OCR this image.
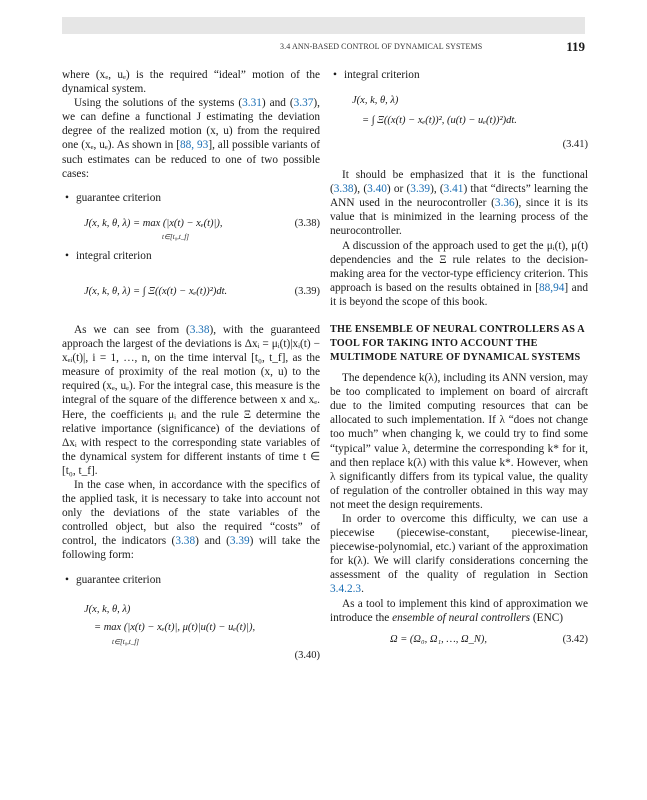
3.4 ANN-BASED CONTROL OF DYNAMICAL SYSTEMS	119

where (xₑ, uₑ) is the required “ideal” motion of the dynamical system.

Using the solutions of the systems (3.31) and (3.37), we can define a functional J estimating the deviation degree of the realized motion (x, u) from the required one (xₑ, uₑ). As shown in [88, 93], all possible variants of such estimates can be reduced to one of two possible cases:

• guarantee criterion
J(x, k, θ, λ) = max (|x(t) − xₑ(t)|),
t∈[t₀,t_f]
(3.38)
• integral criterion
J(x, k, θ, λ) = ∫ Ξ((x(t) − xₑ(t))²)dt.	(3.39)

As we can see from (3.38), with the guaranteed approach the largest of the deviations is Δxᵢ = μᵢ(t)|xᵢ(t) − xₑᵢ(t)|, i = 1, …, n, on the time interval [t₀, t_f], as the measure of proximity of the real motion (x, u) to the required (xₑ, uₑ). For the integral case, this measure is the integral of the square of the difference between x and xₑ. Here, the coefficients μᵢ and the rule Ξ determine the relative importance (significance) of the deviations of Δxᵢ with respect to the corresponding state variables of the dynamical system for different instants of time t ∈ [t₀, t_f].

In the case when, in accordance with the specifics of the applied task, it is necessary to take into account not only the deviations of the state variables of the controlled object, but also the required “costs” of control, the indicators (3.38) and (3.39) will take the following form:

• guarantee criterion
J(x, k, θ, λ)
= max (|x(t) − xₑ(t)|, μ(t)|u(t) − uₑ(t)|),
t∈[t₀,t_f]
(3.40)
• integral criterion
J(x, k, θ, λ)
= ∫ Ξ((x(t) − xₑ(t))², (u(t) − uₑ(t))²)dt.
(3.41)

It should be emphasized that it is the functional (3.38), (3.40) or (3.39), (3.41) that “directs” learning the ANN used in the neurocontroller (3.36), since it is its value that is minimized in the learning process of the neurocontroller.

A discussion of the approach used to get the μᵢ(t), μ(t) dependencies and the Ξ rule relates to the decision-making area for the vector-type efficiency criterion. This approach is based on the results obtained in [88,94] and it is beyond the scope of this book.

THE ENSEMBLE OF NEURAL CONTROLLERS AS A TOOL FOR TAKING INTO ACCOUNT THE MULTIMODE NATURE OF DYNAMICAL SYSTEMS

The dependence k(λ), including its ANN version, may be too complicated to implement on board of aircraft due to the limited computing resources that can be allocated to such implementation. If λ “does not change too much” when changing k, we could try to find some “typical” value λ, determine the corresponding k* for it, and then replace k(λ) with this value k*. However, when λ significantly differs from its typical value, the quality of regulation of the controller obtained in this way may not meet the design requirements.

In order to overcome this difficulty, we can use a piecewise (piecewise-constant, piecewise-linear, piecewise-polynomial, etc.) variant of the approximation for k(λ). We will clarify considerations concerning the assessment of the quality of regulation in Section 3.4.2.3.

As a tool to implement this kind of approximation we introduce the ensemble of neural controllers (ENC)

Ω = (Ω₀, Ω₁, …, Ω_N),	(3.42)
